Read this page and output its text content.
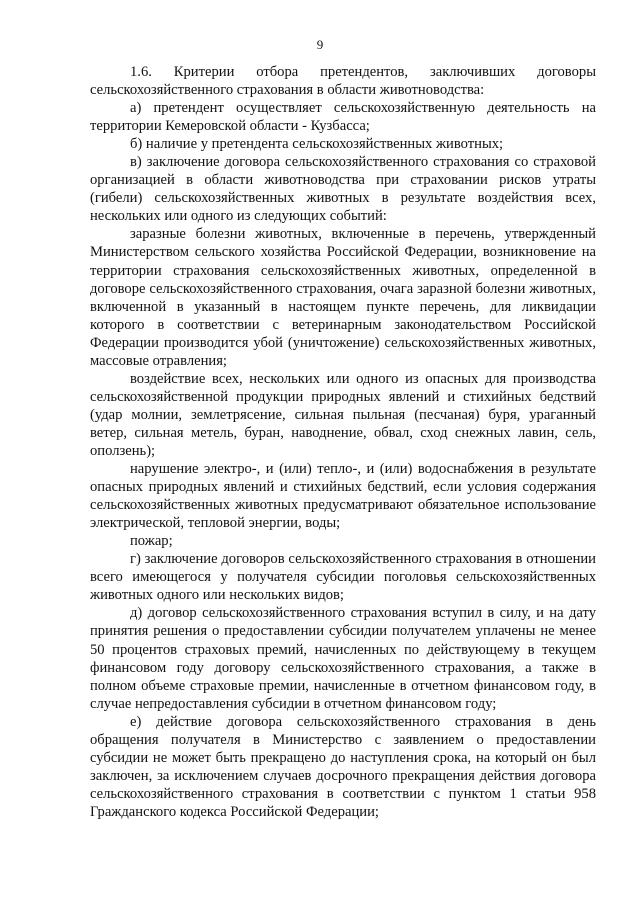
9

1.6. Критерии отбора претендентов, заключивших договоры сельскохозяйственного страхования в области животноводства:

а) претендент осуществляет сельскохозяйственную деятельность на территории Кемеровской области - Кузбасса;

б) наличие у претендента сельскохозяйственных животных;

в) заключение договора сельскохозяйственного страхования со страховой организацией в области животноводства при страховании рисков утраты (гибели) сельскохозяйственных животных в результате воздействия всех, нескольких или одного из следующих событий:

заразные болезни животных, включенные в перечень, утвержденный Министерством сельского хозяйства Российской Федерации, возникновение на территории страхования сельскохозяйственных животных, определенной в договоре сельскохозяйственного страхования, очага заразной болезни животных, включенной в указанный в настоящем пункте перечень, для ликвидации которого в соответствии с ветеринарным законодательством Российской Федерации производится убой (уничтожение) сельскохозяйственных животных, массовые отравления;

воздействие всех, нескольких или одного из опасных для производства сельскохозяйственной продукции природных явлений и стихийных бедствий (удар молнии, землетрясение, сильная пыльная (песчаная) буря, ураганный ветер, сильная метель, буран, наводнение, обвал, сход снежных лавин, сель, оползень);

нарушение электро-, и (или) тепло-, и (или) водоснабжения в результате опасных природных явлений и стихийных бедствий, если условия содержания сельскохозяйственных животных предусматривают обязательное использование электрической, тепловой энергии, воды;

пожар;

г) заключение договоров сельскохозяйственного страхования в отношении всего имеющегося у получателя субсидии поголовья сельскохозяйственных животных одного или нескольких видов;

д) договор сельскохозяйственного страхования вступил в силу, и на дату принятия решения о предоставлении субсидии получателем уплачены не менее 50 процентов страховых премий, начисленных по действующему в текущем финансовом году договору сельскохозяйственного страхования, а также в полном объеме страховые премии, начисленные в отчетном финансовом году, в случае непредоставления субсидии в отчетном финансовом году;

е) действие договора сельскохозяйственного страхования в день обращения получателя в Министерство с заявлением о предоставлении субсидии не может быть прекращено до наступления срока, на который он был заключен, за исключением случаев досрочного прекращения действия договора сельскохозяйственного страхования в соответствии с пунктом 1 статьи 958 Гражданского кодекса Российской Федерации;
